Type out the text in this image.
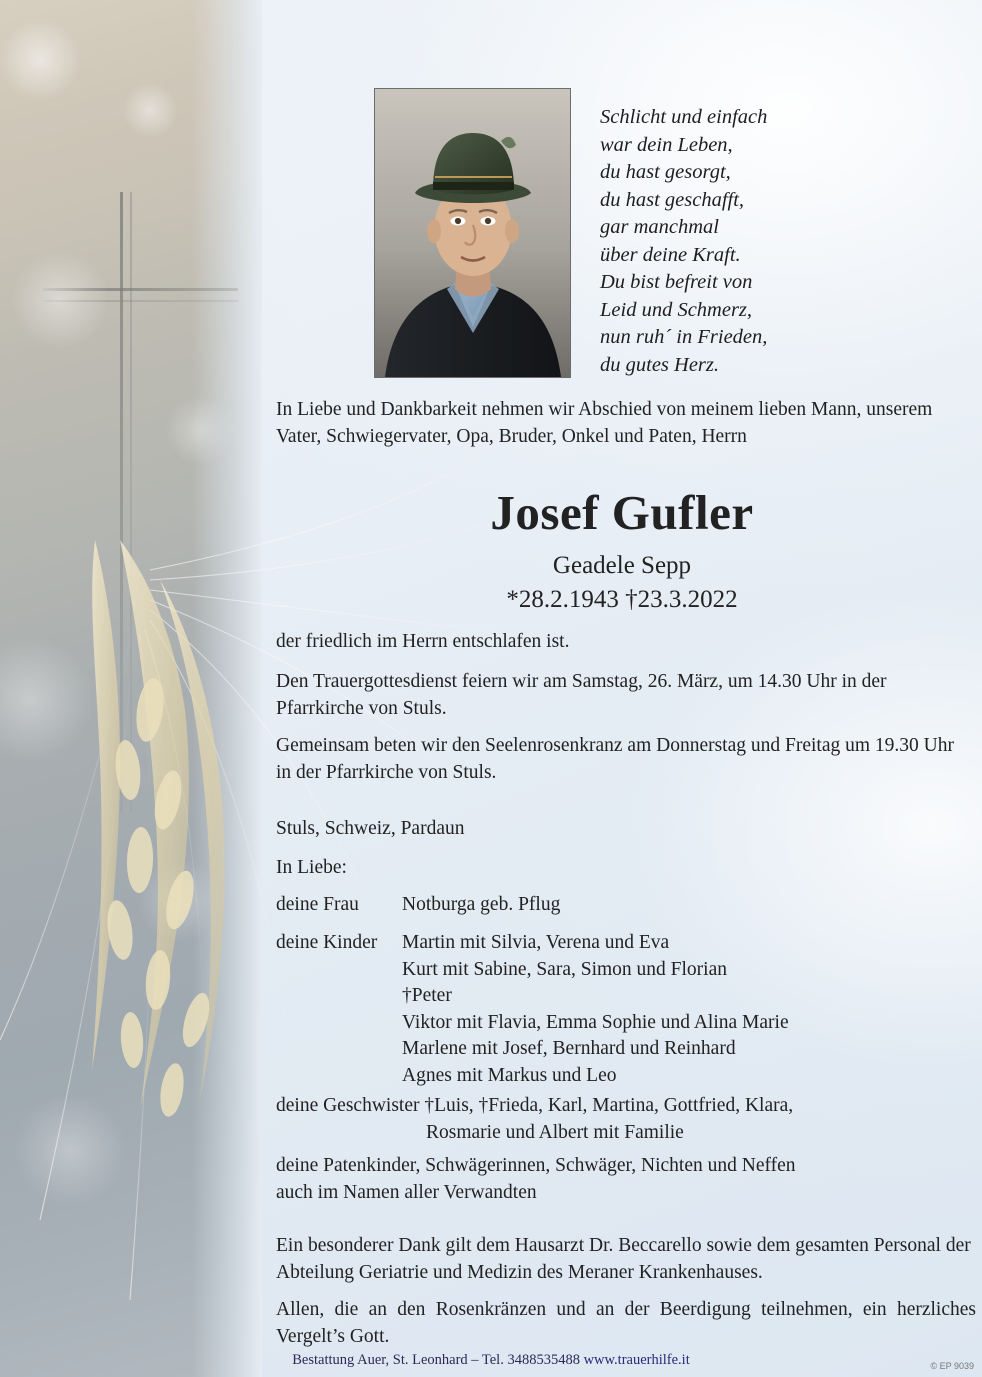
Schlicht und einfach
war dein Leben,
du hast gesorgt,
du hast geschafft,
gar manchmal
über deine Kraft.
Du bist befreit von
Leid und Schmerz,
nun ruh´ in Frieden,
du gutes Herz.
In Liebe und Dankbarkeit nehmen wir Abschied von meinem lieben Mann, unserem Vater, Schwiegervater, Opa, Bruder, Onkel und Paten, Herrn
Josef Gufler
Geadele Sepp
*28.2.1943 †23.3.2022
der friedlich im Herrn entschlafen ist.
Den Trauergottesdienst feiern wir am Samstag, 26. März, um 14.30 Uhr in der Pfarrkirche von Stuls.
Gemeinsam beten wir den Seelenrosenkranz am Donnerstag und Freitag um 19.30 Uhr in der Pfarrkirche von Stuls.
Stuls, Schweiz, Pardaun
In Liebe:
deine Frau	Notburga geb. Pflug
deine Kinder	Martin mit Silvia, Verena und Eva
Kurt mit Sabine, Sara, Simon und Florian
†Peter
Viktor mit Flavia, Emma Sophie und Alina Marie
Marlene mit Josef, Bernhard und Reinhard
Agnes mit Markus und Leo
deine Geschwister †Luis, †Frieda, Karl, Martina, Gottfried, Klara,
Rosmarie und Albert mit Familie
deine Patenkinder, Schwägerinnen, Schwäger, Nichten und Neffen
auch im Namen aller Verwandten
Ein besonderer Dank gilt dem Hausarzt Dr. Beccarello sowie dem gesamten Personal der Abteilung Geriatrie und Medizin des Meraner Krankenhauses.
Allen, die an den Rosenkränzen und an der Beerdigung teilnehmen, ein herzliches Vergelt’s Gott.
Bestattung Auer, St. Leonhard – Tel. 3488535488 www.trauerhilfe.it	© EP 9039
